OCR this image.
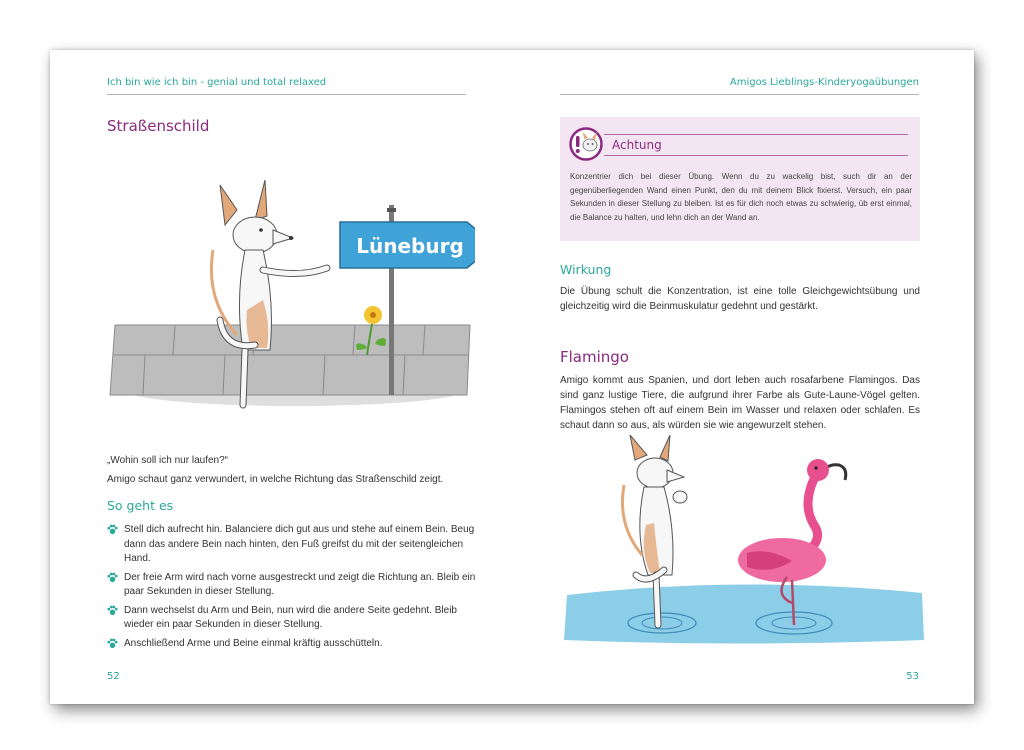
Ich bin wie ich bin - genial und total relaxed
Straßenschild
Lüneburg
„Wohin soll ich nur laufen?“
Amigo schaut ganz verwundert, in welche Richtung das Straßenschild zeigt.
So geht es
Stell dich aufrecht hin. Balanciere dich gut aus und stehe auf einem Bein. Beug dann das andere Bein nach hinten, den Fuß greifst du mit der seitengleichen Hand.
Der freie Arm wird nach vorne ausgestreckt und zeigt die Richtung an. Bleib ein paar Sekunden in dieser Stellung.
Dann wechselst du Arm und Bein, nun wird die andere Seite gedehnt. Bleib wieder ein paar Sekunden in dieser Stellung.
Anschließend Arme und Beine einmal kräftig ausschütteln.
52
Amigos Lieblings-Kinderyogaübungen
Achtung
Konzentrier dich bei dieser Übung. Wenn du zu wackelig bist, such dir an der gegenüberliegenden Wand einen Punkt, den du mit deinem Blick fixierst. Versuch, ein paar Sekunden in dieser Stellung zu bleiben. Ist es für dich noch etwas zu schwierig, üb erst einmal, die Balance zu halten, und lehn dich an der Wand an.
Wirkung
Die Übung schult die Konzentration, ist eine tolle Gleichgewichtsübung und gleichzeitig wird die Beinmuskulatur gedehnt und gestärkt.
Flamingo
Amigo kommt aus Spanien, und dort leben auch rosafarbene Flamingos. Das sind ganz lustige Tiere, die aufgrund ihrer Farbe als Gute-Laune-Vögel gelten. Flamingos stehen oft auf einem Bein im Wasser und relaxen oder schlafen. Es schaut dann so aus, als würden sie wie angewurzelt stehen.
53
